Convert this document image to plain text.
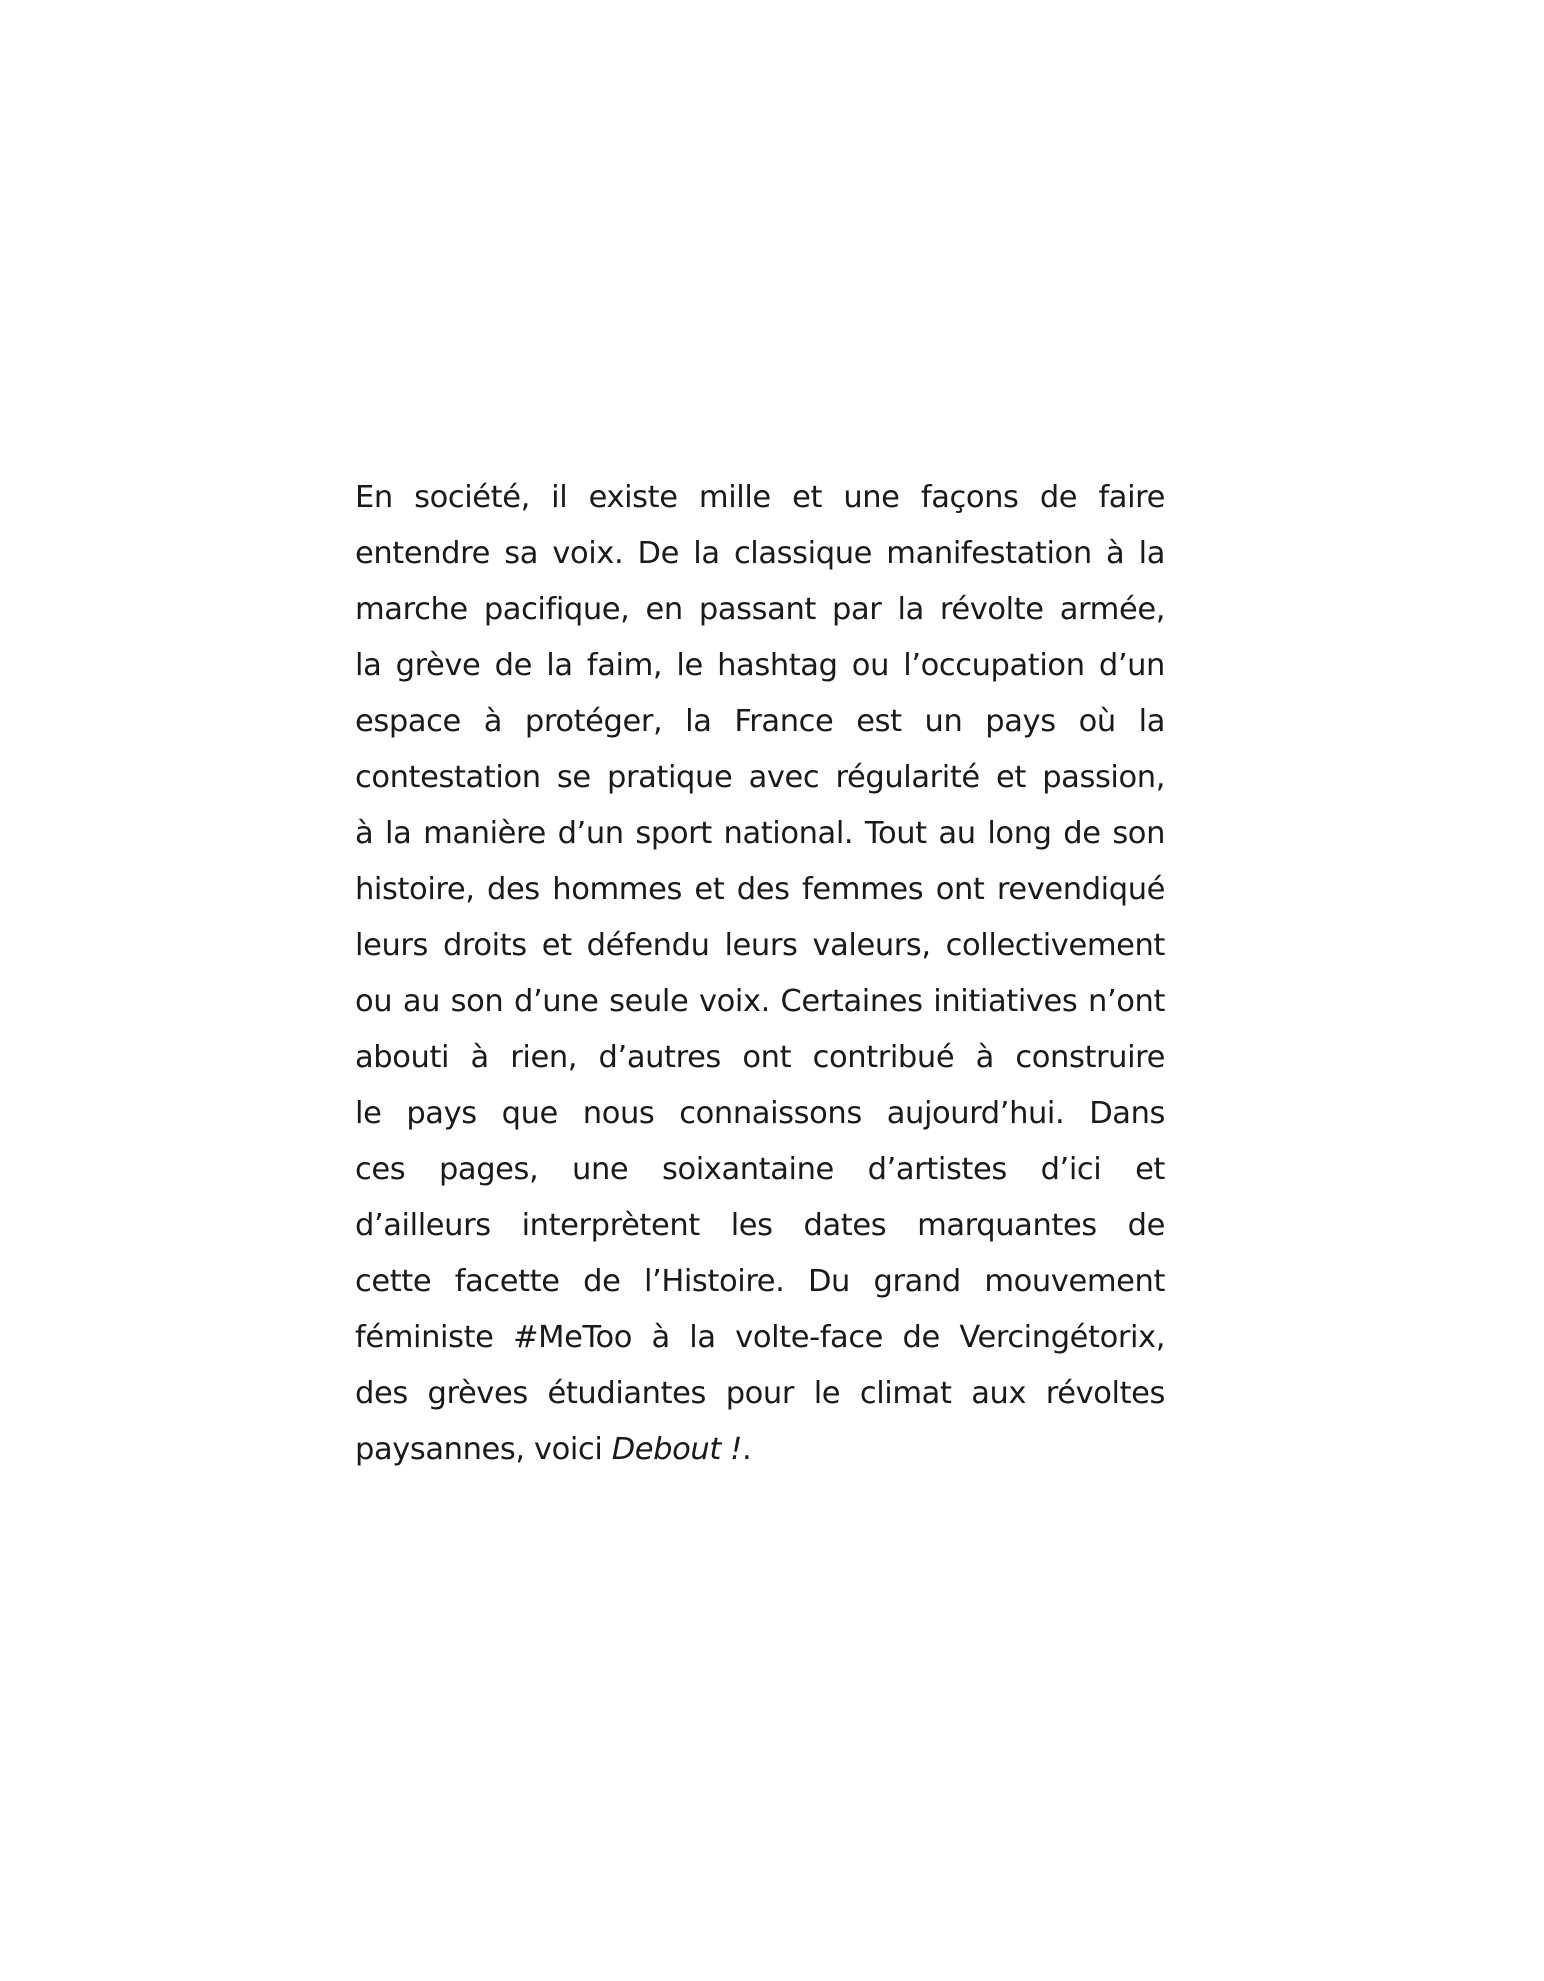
En société, il existe mille et une façons de faire
entendre sa voix. De la classique manifestation à la
marche pacifique, en passant par la révolte armée,
la grève de la faim, le hashtag ou l’occupation d’un
espace à protéger, la France est un pays où la
contestation se pratique avec régularité et passion,
à la manière d’un sport national. Tout au long de son
histoire, des hommes et des femmes ont revendiqué
leurs droits et défendu leurs valeurs, collectivement
ou au son d’une seule voix. Certaines initiatives n’ont
abouti à rien, d’autres ont contribué à construire
le pays que nous connaissons aujourd’hui. Dans
ces pages, une soixantaine d’artistes d’ici et
d’ailleurs interprètent les dates marquantes de
cette facette de l’Histoire. Du grand mouvement
féministe #MeToo à la volte-face de Vercingétorix,
des grèves étudiantes pour le climat aux révoltes
paysannes, voici Debout !.
